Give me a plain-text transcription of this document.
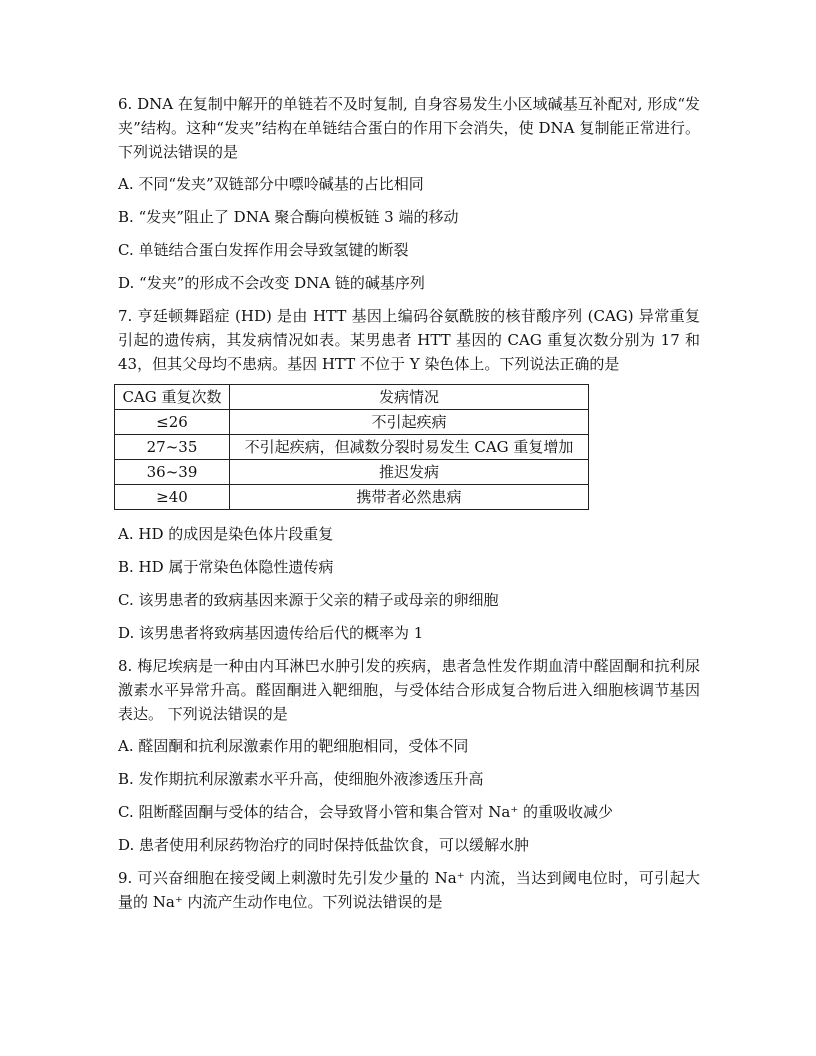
6. DNA 在复制中解开的单链若不及时复制, 自身容易发生小区域碱基互补配对, 形成“发夹”结构。这种“发夹”结构在单链结合蛋白的作用下会消失，使 DNA 复制能正常进行。下列说法错误的是

A. 不同“发夹”双链部分中嘌呤碱基的占比相同

B. “发夹”阻止了 DNA 聚合酶向模板链 3 端的移动

C. 单链结合蛋白发挥作用会导致氢键的断裂

D. “发夹”的形成不会改变 DNA 链的碱基序列

7. 亨廷顿舞蹈症 (HD) 是由 HTT 基因上编码谷氨酰胺的核苷酸序列 (CAG) 异常重复引起的遗传病，其发病情况如表。某男患者 HTT 基因的 CAG 重复次数分别为 17 和 43，但其父母均不患病。基因 HTT 不位于 Y 染色体上。下列说法正确的是

CAG 重复次数	发病情况
≤26	不引起疾病
27~35	不引起疾病，但减数分裂时易发生 CAG 重复增加
36~39	推迟发病
≥40	携带者必然患病

A. HD 的成因是染色体片段重复

B. HD 属于常染色体隐性遗传病

C. 该男患者的致病基因来源于父亲的精子或母亲的卵细胞

D. 该男患者将致病基因遗传给后代的概率为 1

8. 梅尼埃病是一种由内耳淋巴水肿引发的疾病，患者急性发作期血清中醛固酮和抗利尿激素水平异常升高。醛固酮进入靶细胞，与受体结合形成复合物后进入细胞核调节基因表达。 下列说法错误的是

A. 醛固酮和抗利尿激素作用的靶细胞相同，受体不同

B. 发作期抗利尿激素水平升高，使细胞外液渗透压升高

C. 阻断醛固酮与受体的结合，会导致肾小管和集合管对 Na⁺ 的重吸收减少

D. 患者使用利尿药物治疗的同时保持低盐饮食，可以缓解水肿

9. 可兴奋细胞在接受阈上刺激时先引发少量的 Na⁺ 内流，当达到阈电位时，可引起大量的 Na⁺ 内流产生动作电位。下列说法错误的是
